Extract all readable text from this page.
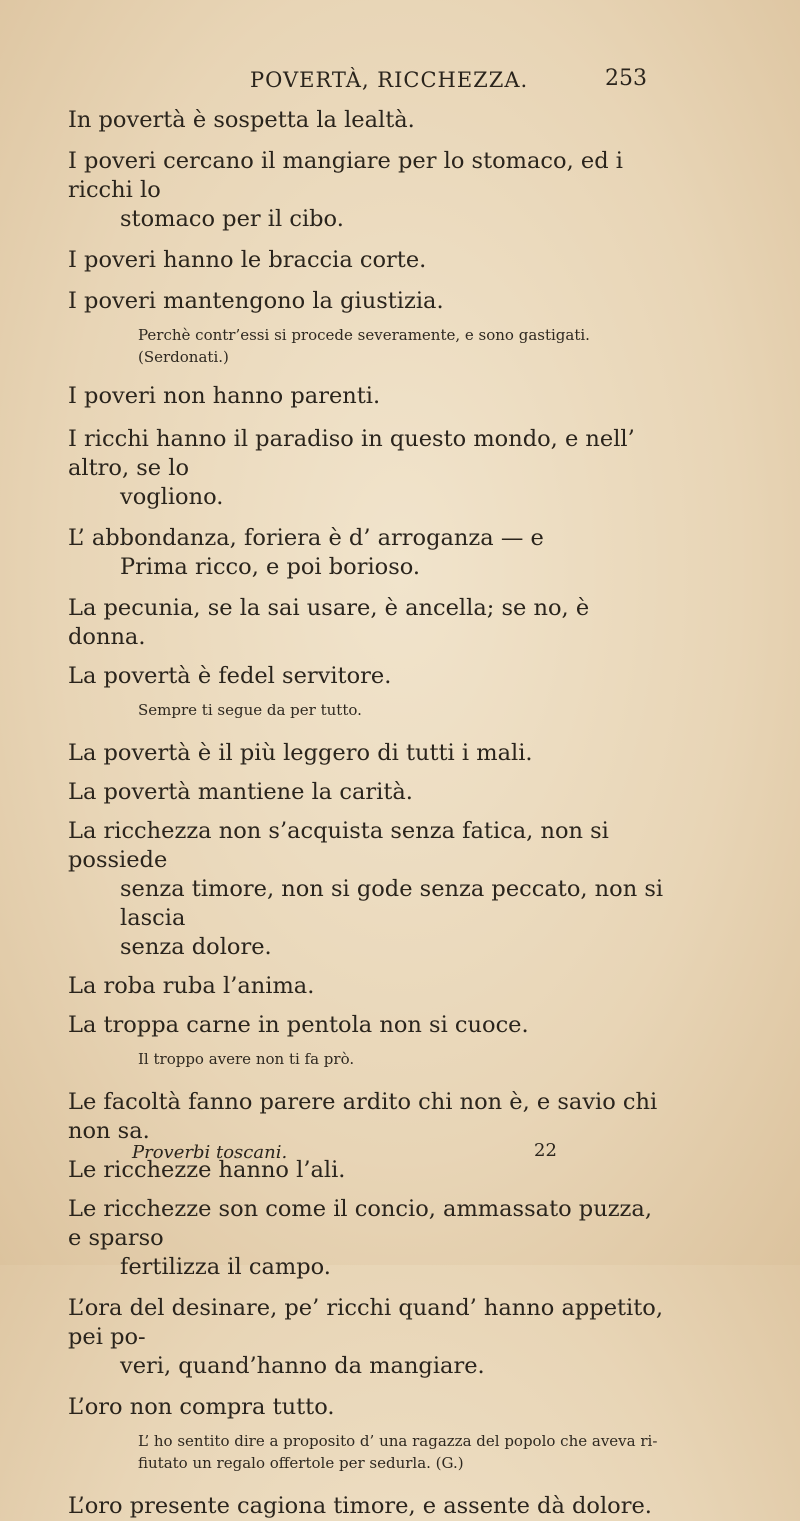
POVERTÀ, RICCHEZZA.	253

In povertà è sospetta la lealtà.

I poveri cercano il mangiare per lo stomaco, ed i ricchi lo
stomaco per il cibo.

I poveri hanno le braccia corte.

I poveri mantengono la giustizia.

Perchè contr’essi si procede severamente, e sono gastigati. (Serdonati.)

I poveri non hanno parenti.

I ricchi hanno il paradiso in questo mondo, e nell’ altro, se lo
vogliono.

L’ abbondanza, foriera è d’ arroganza — e
Prima ricco, e poi borioso.

La pecunia, se la sai usare, è ancella; se no, è donna.

La povertà è fedel servitore.

Sempre ti segue da per tutto.

La povertà è il più leggero di tutti i mali.

La povertà mantiene la carità.

La ricchezza non s’acquista senza fatica, non si possiede
senza timore, non si gode senza peccato, non si lascia
senza dolore.

La roba ruba l’anima.

La troppa carne in pentola non si cuoce.

Il troppo avere non ti fa prò.

Le facoltà fanno parere ardito chi non è, e savio chi non sa.

Le ricchezze hanno l’ali.

Le ricchezze son come il concio, ammassato puzza, e sparso
fertilizza il campo.

L’ora del desinare, pe’ ricchi quand’ hanno appetito, pei po-
veri, quand’hanno da mangiare.

L’oro non compra tutto.

L’ ho sentito dire a proposito d’ una ragazza del popolo che aveva ri-
fiutato un regalo offertole per sedurla. (G.)

L’oro presente cagiona timore, e assente dà dolore.

Proverbi toscani.	22
